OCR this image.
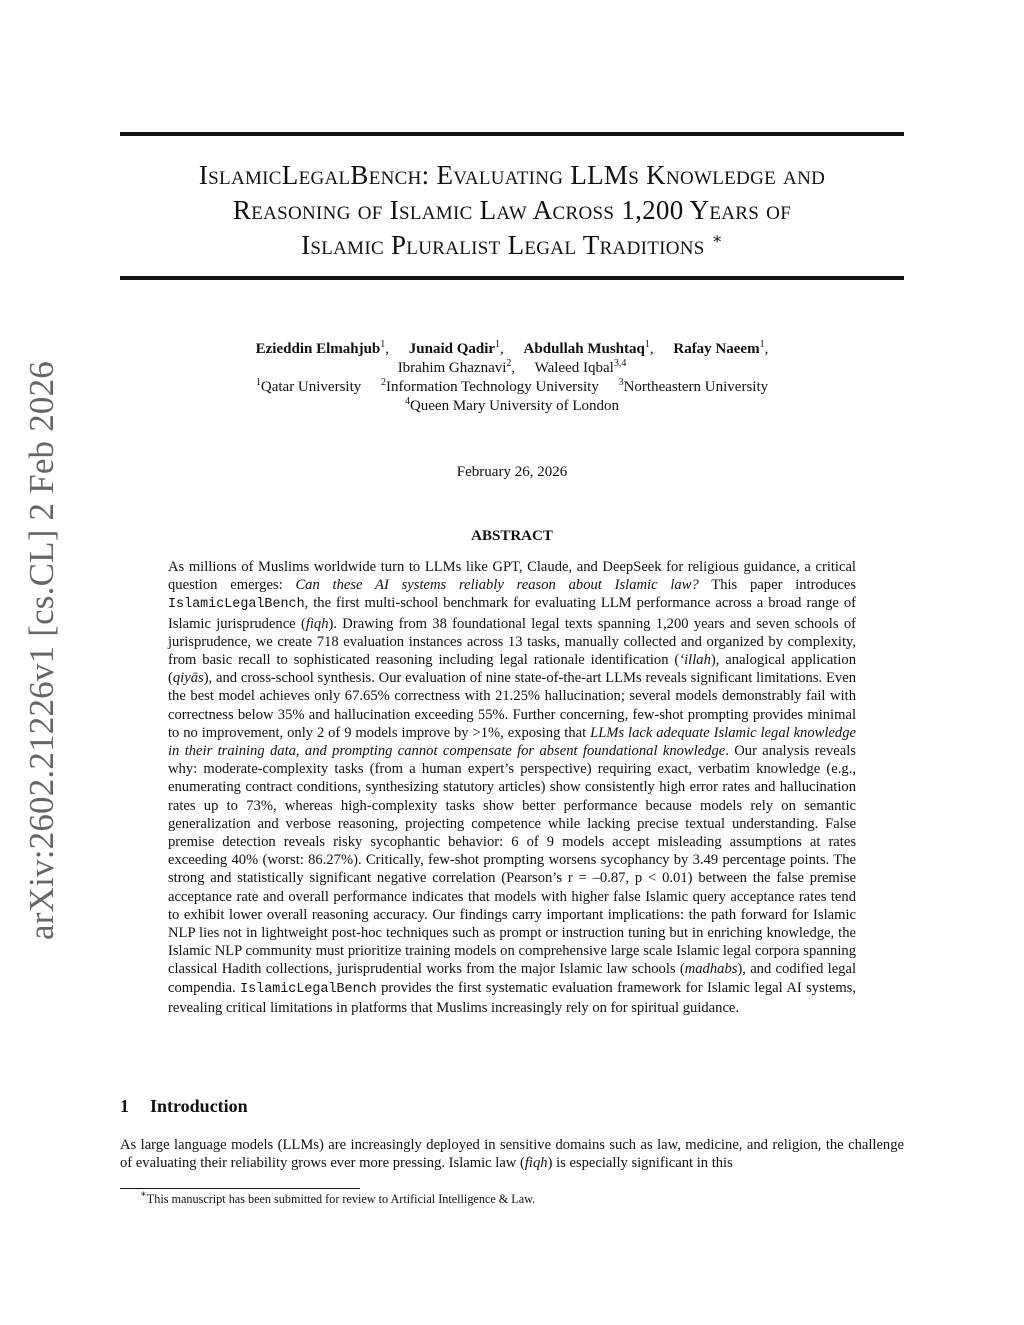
arXiv:2602.21226v1 [cs.CL] 2 Feb 2026
IslamicLegalBench: Evaluating LLMs Knowledge and
Reasoning of Islamic Law Across 1,200 Years of
Islamic Pluralist Legal Traditions ∗
Ezieddin Elmahjub$^1$, Junaid Qadir$^1$, Abdullah Mushtaq$^1$, Rafay Naeem$^1$,
Ibrahim Ghaznavi$^2$, Waleed Iqbal$^{3,4}$
$^1$Qatar University $^2$Information Technology University $^3$Northeastern University
$^4$Queen Mary University of London
February 26, 2026
ABSTRACT
As millions of Muslims worldwide turn to LLMs like GPT, Claude, and DeepSeek for religious guidance, a critical question emerges: Can these AI systems reliably reason about Islamic law? This paper introduces IslamicLegalBench, the first multi-school benchmark for evaluating LLM performance across a broad range of Islamic jurisprudence (fiqh). Drawing from 38 foundational legal texts spanning 1,200 years and seven schools of jurisprudence, we create 718 evaluation instances across 13 tasks, manually collected and organized by complexity, from basic recall to sophisticated reasoning including legal rationale identification (‘illah), analogical application (qiyās), and cross-school synthesis. Our evaluation of nine state-of-the-art LLMs reveals significant limitations. Even the best model achieves only 67.65% correctness with 21.25% hallucination; several models demonstrably fail with correctness below 35% and hallucination exceeding 55%. Further concerning, few-shot prompting provides minimal to no improvement, only 2 of 9 models improve by >1%, exposing that LLMs lack adequate Islamic legal knowledge in their training data, and prompting cannot compensate for absent foundational knowledge. Our analysis reveals why: moderate-complexity tasks (from a human expert’s perspective) requiring exact, verbatim knowledge (e.g., enumerating contract conditions, synthesizing statutory articles) show consistently high error rates and hallucination rates up to 73%, whereas high-complexity tasks show better performance because models rely on semantic generalization and verbose reasoning, projecting competence while lacking precise textual understanding. False premise detection reveals risky sycophantic behavior: 6 of 9 models accept misleading assumptions at rates exceeding 40% (worst: 86.27%). Critically, few-shot prompting worsens sycophancy by 3.49 percentage points. The strong and statistically significant negative correlation (Pearson’s r = –0.87, p < 0.01) between the false premise acceptance rate and overall performance indicates that models with higher false Islamic query acceptance rates tend to exhibit lower overall reasoning accuracy. Our findings carry important implications: the path forward for Islamic NLP lies not in lightweight post-hoc techniques such as prompt or instruction tuning but in enriching knowledge, the Islamic NLP community must prioritize training models on comprehensive large scale Islamic legal corpora spanning classical Hadith collections, jurisprudential works from the major Islamic law schools (madhabs), and codified legal compendia. IslamicLegalBench provides the first systematic evaluation framework for Islamic legal AI systems, revealing critical limitations in platforms that Muslims increasingly rely on for spiritual guidance.
1 Introduction
As large language models (LLMs) are increasingly deployed in sensitive domains such as law, medicine, and religion, the challenge of evaluating their reliability grows ever more pressing. Islamic law (fiqh) is especially significant in this
∗This manuscript has been submitted for review to Artificial Intelligence & Law.
